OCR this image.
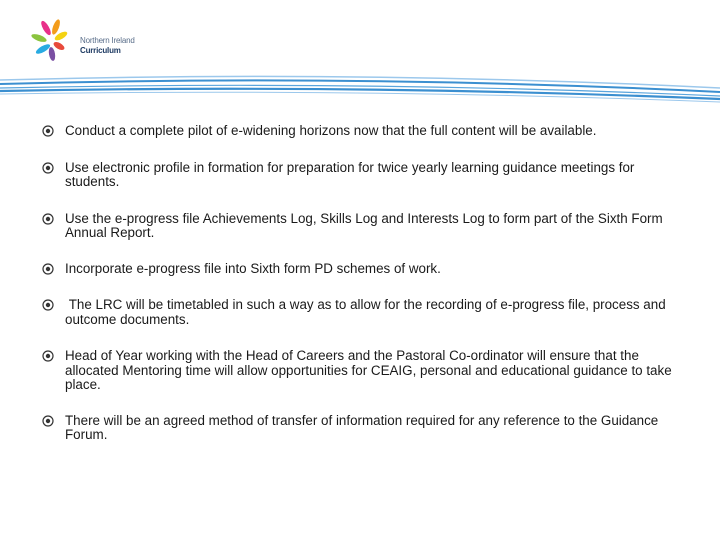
Northern Ireland
Curriculum
Conduct a complete pilot of e-widening horizons now that the full content will be available.
Use electronic profile in formation for preparation for twice yearly learning guidance meetings for students.
Use the e-progress file Achievements Log, Skills Log and Interests Log to form part of the Sixth Form Annual Report.
Incorporate e-progress file into Sixth form PD schemes of work.
The LRC will be timetabled in such a way as to allow for the recording of e-progress file, process and outcome documents.
Head of Year working with the Head of Careers and the Pastoral Co-ordinator will ensure that the allocated Mentoring time will allow opportunities for CEAIG, personal and educational guidance to take place.
There will be an agreed method of transfer of information required for any reference to the Guidance Forum.
